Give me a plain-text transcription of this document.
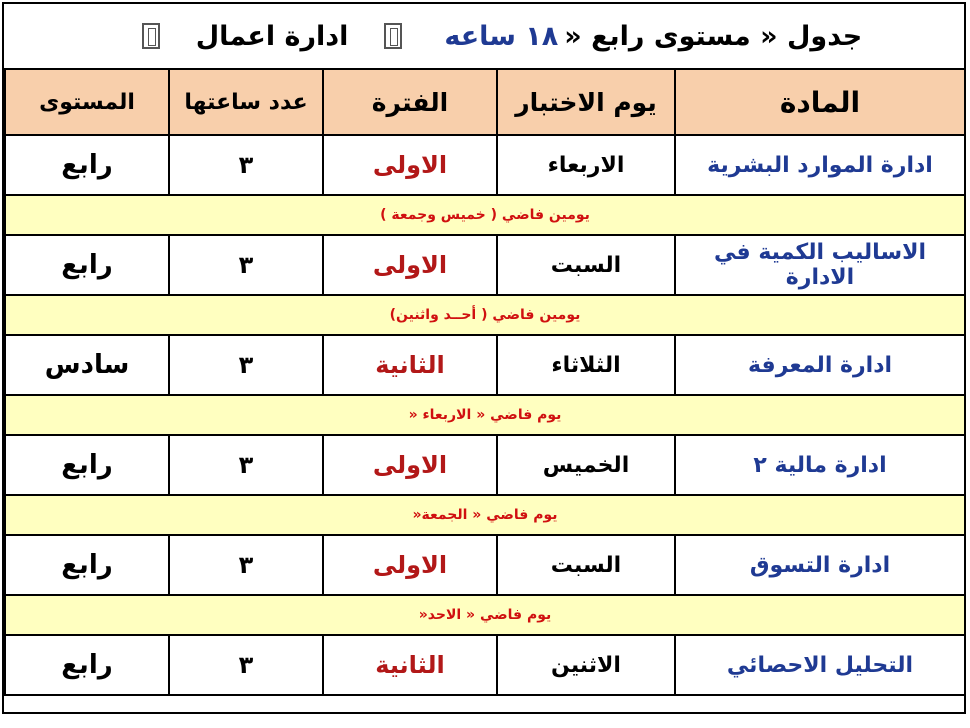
جدول « مستوى رابع «
١٨ ساعه
ادارة اعمال
المادة	يوم الاختبار	الفترة	عدد ساعتها	المستوى
ادارة الموارد البشرية	الاربعاء	الاولى	٣	رابع
يومين فاضي ( خميس وجمعة )				
الاساليب الكمية في الادارة	السبت	الاولى	٣	رابع
يومين فاضي ( أحــد واثنين)				
ادارة المعرفة	الثلاثاء	الثانية	٣	سادس
يوم فاضي « الاربعاء «				
ادارة مالية ٢	الخميس	الاولى	٣	رابع
يوم فاضي « الجمعة«				
ادارة التسوق	السبت	الاولى	٣	رابع
يوم فاضي « الاحد«				
التحليل الاحصائي	الاثنين	الثانية	٣	رابع
